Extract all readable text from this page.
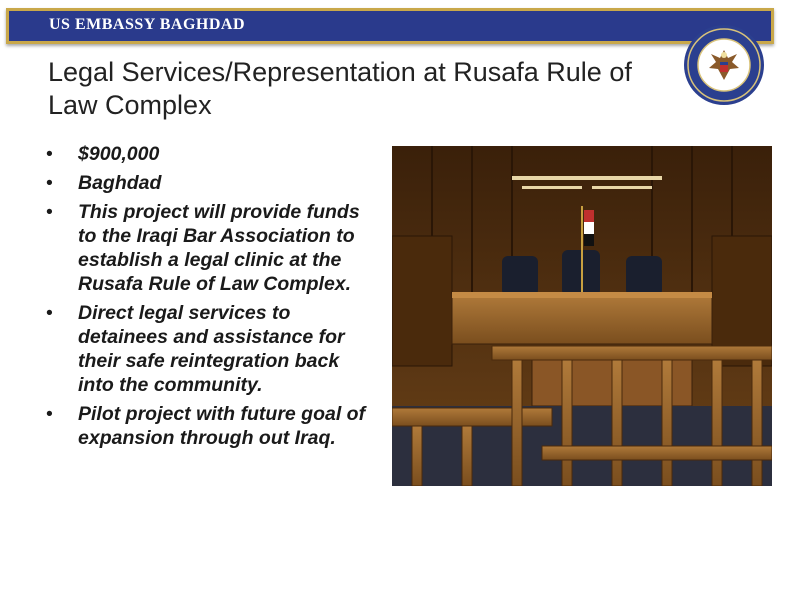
US EMBASSY BAGHDAD
Legal Services/Representation at Rusafa Rule of Law Complex
• $900,000
• Baghdad
• This project will provide funds to the Iraqi Bar Association to establish a legal clinic at the Rusafa Rule of Law Complex.
• Direct legal services to detainees and assistance for their safe reintegration back into the community.
• Pilot project with future goal of expansion through out Iraq.
